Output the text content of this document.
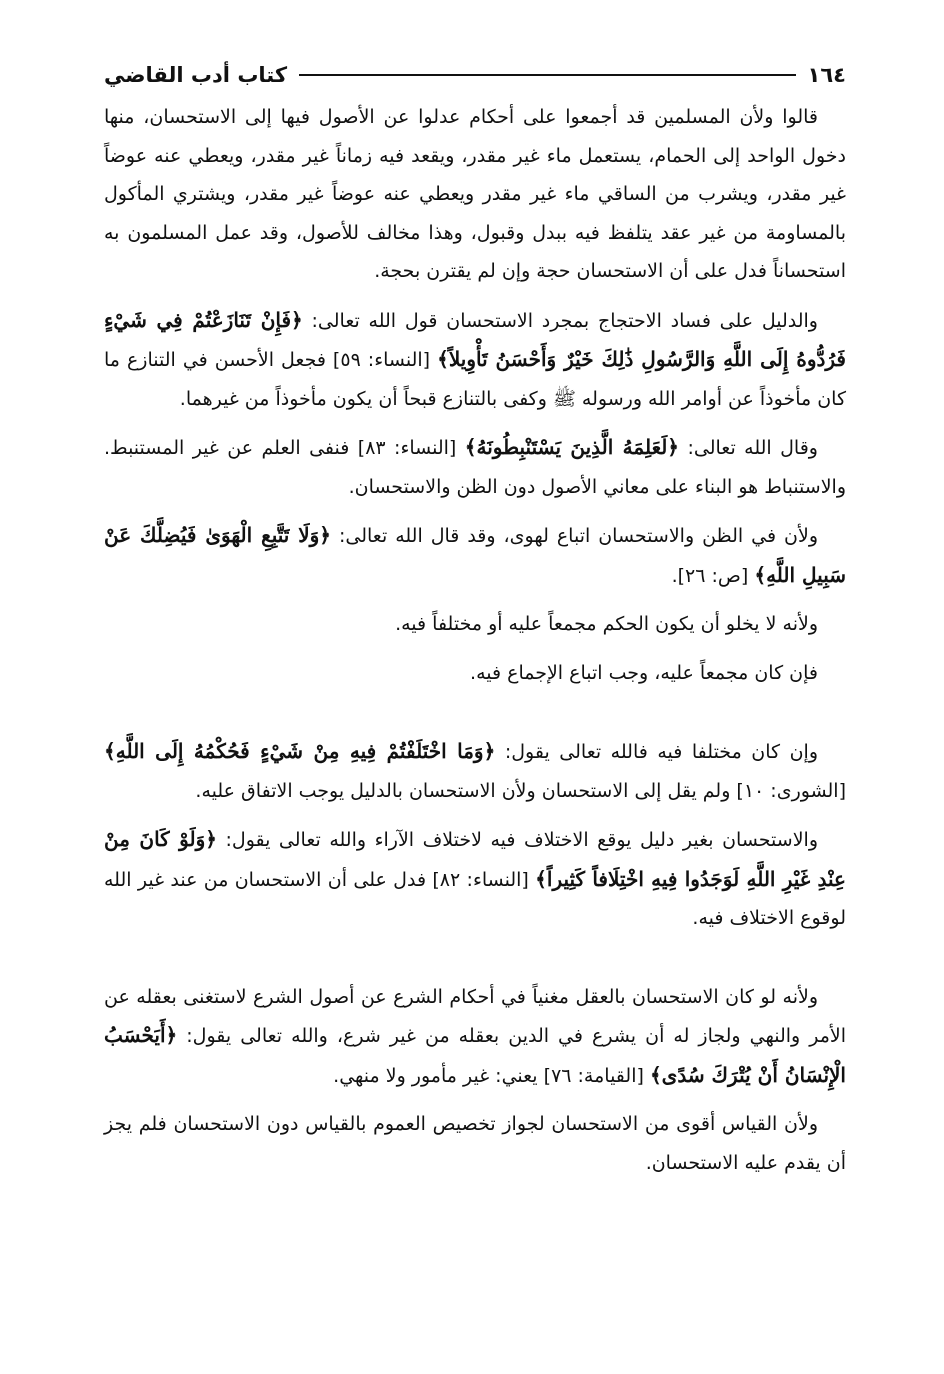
١٦٤
كتاب أدب القاضي

قالوا ولأن المسلمين قد أجمعوا على أحكام عدلوا عن الأصول فيها إلى الاستحسان، منها دخول الواحد إلى الحمام، يستعمل ماء غير مقدر، ويقعد فيه زماناً غير مقدر، ويعطي عنه عوضاً غير مقدر، ويشرب من الساقي ماء غير مقدر ويعطي عنه عوضاً غير مقدر، ويشتري المأكول بالمساومة من غير عقد يتلفظ فيه ببدل وقبول، وهذا مخالف للأصول، وقد عمل المسلمون به استحساناً فدل على أن الاستحسان حجة وإن لم يقترن بحجة.

والدليل على فساد الاحتجاج بمجرد الاستحسان قول الله تعالى: ﴿فَإِنْ تَنَازَعْتُمْ فِي شَيْءٍ فَرُدُّوهُ إِلَى اللَّهِ وَالرَّسُولِ ذَٰلِكَ خَيْرٌ وَأَحْسَنُ تَأْوِيلاً﴾ [النساء: ٥٩] فجعل الأحسن في التنازع ما كان مأخوذاً عن أوامر الله ورسوله ﷺ وكفى بالتنازع قبحاً أن يكون مأخوذاً من غيرهما.

وقال الله تعالى: ﴿لَعَلِمَهُ الَّذِينَ يَسْتَنْبِطُونَهُ﴾ [النساء: ٨٣] فنفى العلم عن غير المستنبط. والاستنباط هو البناء على معاني الأصول دون الظن والاستحسان.

ولأن في الظن والاستحسان اتباع لهوى، وقد قال الله تعالى: ﴿وَلَا تَتَّبِعِ الْهَوَىٰ فَيُضِلَّكَ عَنْ سَبِيلِ اللَّهِ﴾ [ص: ٢٦].

ولأنه لا يخلو أن يكون الحكم مجمعاً عليه أو مختلفاً فيه.

فإن كان مجمعاً عليه، وجب اتباع الإجماع فيه.

وإن كان مختلفا فيه فالله تعالى يقول: ﴿وَمَا اخْتَلَفْتُمْ فِيهِ مِنْ شَيْءٍ فَحُكْمُهُ إِلَى اللَّهِ﴾ [الشورى: ١٠] ولم يقل إلى الاستحسان ولأن الاستحسان بالدليل يوجب الاتفاق عليه.

والاستحسان بغير دليل يوقع الاختلاف فيه لاختلاف الآراء والله تعالى يقول: ﴿وَلَوْ كَانَ مِنْ عِنْدِ غَيْرِ اللَّهِ لَوَجَدُوا فِيهِ اخْتِلَافاً كَثِيراً﴾ [النساء: ٨٢] فدل على أن الاستحسان من عند غير الله لوقوع الاختلاف فيه.

ولأنه لو كان الاستحسان بالعقل مغنياً في أحكام الشرع عن أصول الشرع لاستغنى بعقله عن الأمر والنهي ولجاز له أن يشرع في الدين بعقله من غير شرع، والله تعالى يقول: ﴿أَيَحْسَبُ الْإِنْسَانُ أَنْ يُتْرَكَ سُدًى﴾ [القيامة: ٧٦] يعني: غير مأمور ولا منهي.

ولأن القياس أقوى من الاستحسان لجواز تخصيص العموم بالقياس دون الاستحسان فلم يجز أن يقدم عليه الاستحسان.
